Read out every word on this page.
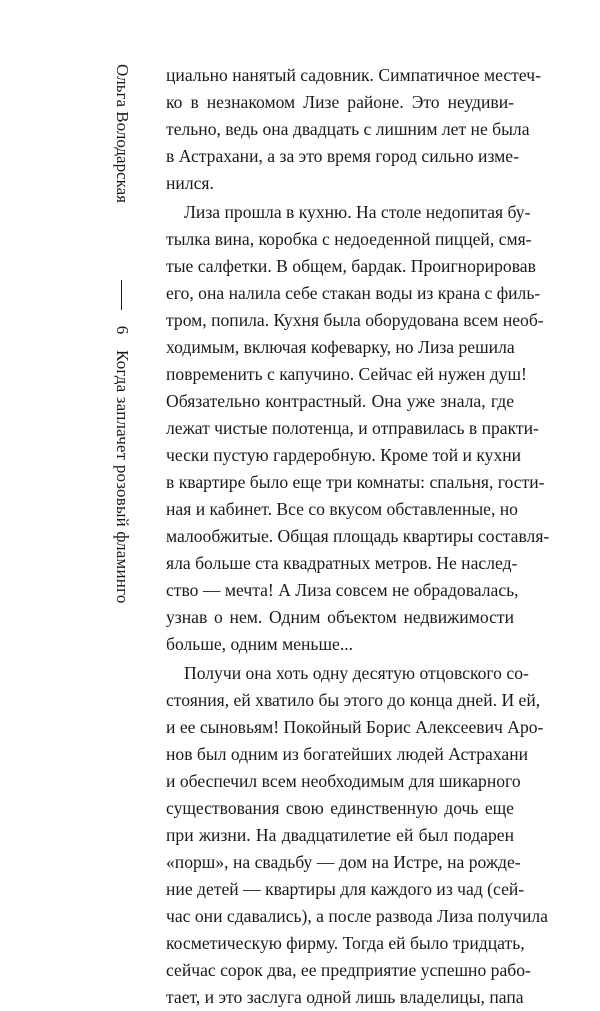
Ольга Володарская
6
Когда заплачет розовый фламинго
циально нанятый садовник. Симпатичное местеч-
ко в незнакомом Лизе районе. Это неудиви-
тельно, ведь она двадцать с лишним лет не была
в Астрахани, а за это время город сильно изме-
нился.
Лиза прошла в кухню. На столе недопитая бу-
тылка вина, коробка с недоеденной пиццей, смя-
тые салфетки. В общем, бардак. Проигнорировав
его, она налила себе стакан воды из крана с филь-
тром, попила. Кухня была оборудована всем необ-
ходимым, включая кофеварку, но Лиза решила
повременить с капучино. Сейчас ей нужен душ!
Обязательно контрастный. Она уже знала, где
лежат чистые полотенца, и отправилась в практи-
чески пустую гардеробную. Кроме той и кухни
в квартире было еще три комнаты: спальня, гости-
ная и кабинет. Все со вкусом обставленные, но
малообжитые. Общая площадь квартиры составля-
яла больше ста квадратных метров. Не наслед-
ство — мечта! А Лиза совсем не обрадовалась,
узнав о нем. Одним объектом недвижимости
больше, одним меньше...
Получи она хоть одну десятую отцовского со-
стояния, ей хватило бы этого до конца дней. И ей,
и ее сыновьям! Покойный Борис Алексеевич Аро-
нов был одним из богатейших людей Астрахани
и обеспечил всем необходимым для шикарного
существования свою единственную дочь еще
при жизни. На двадцатилетие ей был подарен
«порш», на свадьбу — дом на Истре, на рожде-
ние детей — квартиры для каждого из чад (сей-
час они сдавались), а после развода Лиза получила
косметическую фирму. Тогда ей было тридцать,
сейчас сорок два, ее предприятие успешно рабо-
тает, и это заслуга одной лишь владелицы, папа
